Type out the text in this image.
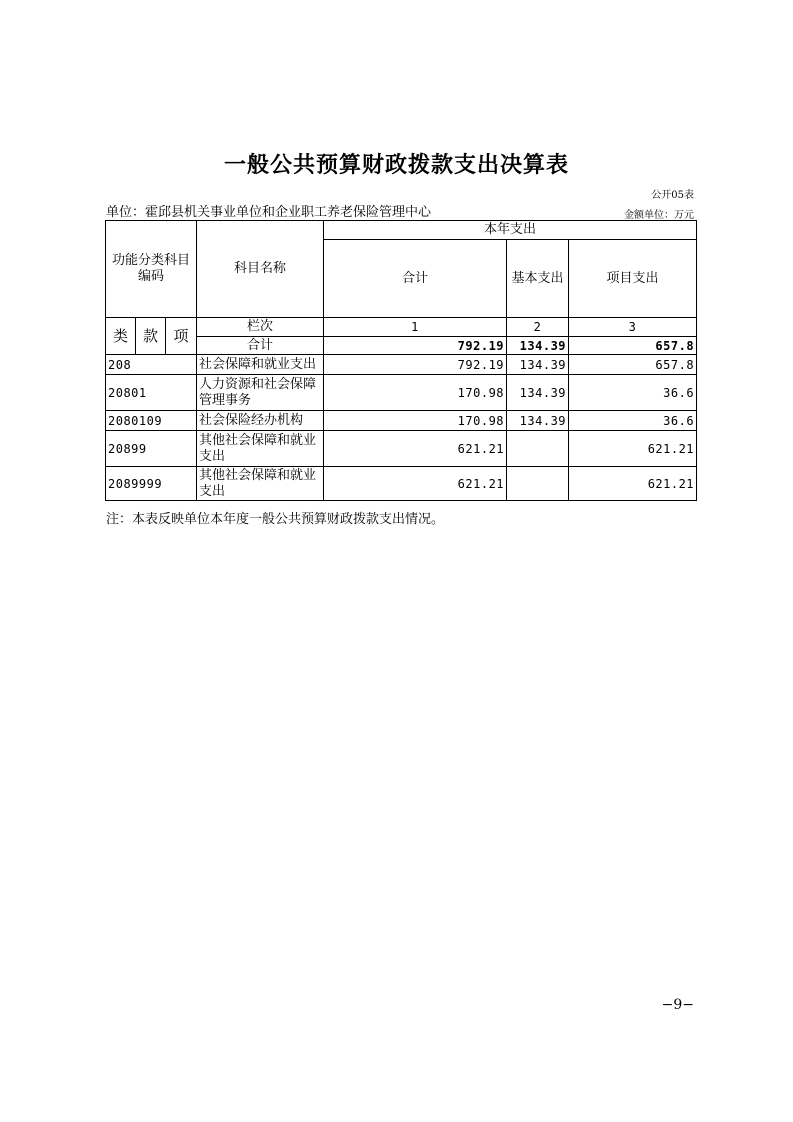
一般公共预算财政拨款支出决算表
公开05表
单位：霍邱县机关事业单位和企业职工养老保险管理中心	金额单位：万元
功能分类科目编码			科目名称	本年支出		
				合计	基本支出	项目支出
类	款	项	栏次	1	2	3
			合计	792.19	134.39	657.8
208			社会保障和就业支出	792.19	134.39	657.8
20801			人力资源和社会保障管理事务	170.98	134.39	36.6
2080109			社会保险经办机构	170.98	134.39	36.6
20899			其他社会保障和就业支出	621.21		621.21
2089999			其他社会保障和就业支出	621.21		621.21
注：本表反映单位本年度一般公共预算财政拨款支出情况。
−9−
